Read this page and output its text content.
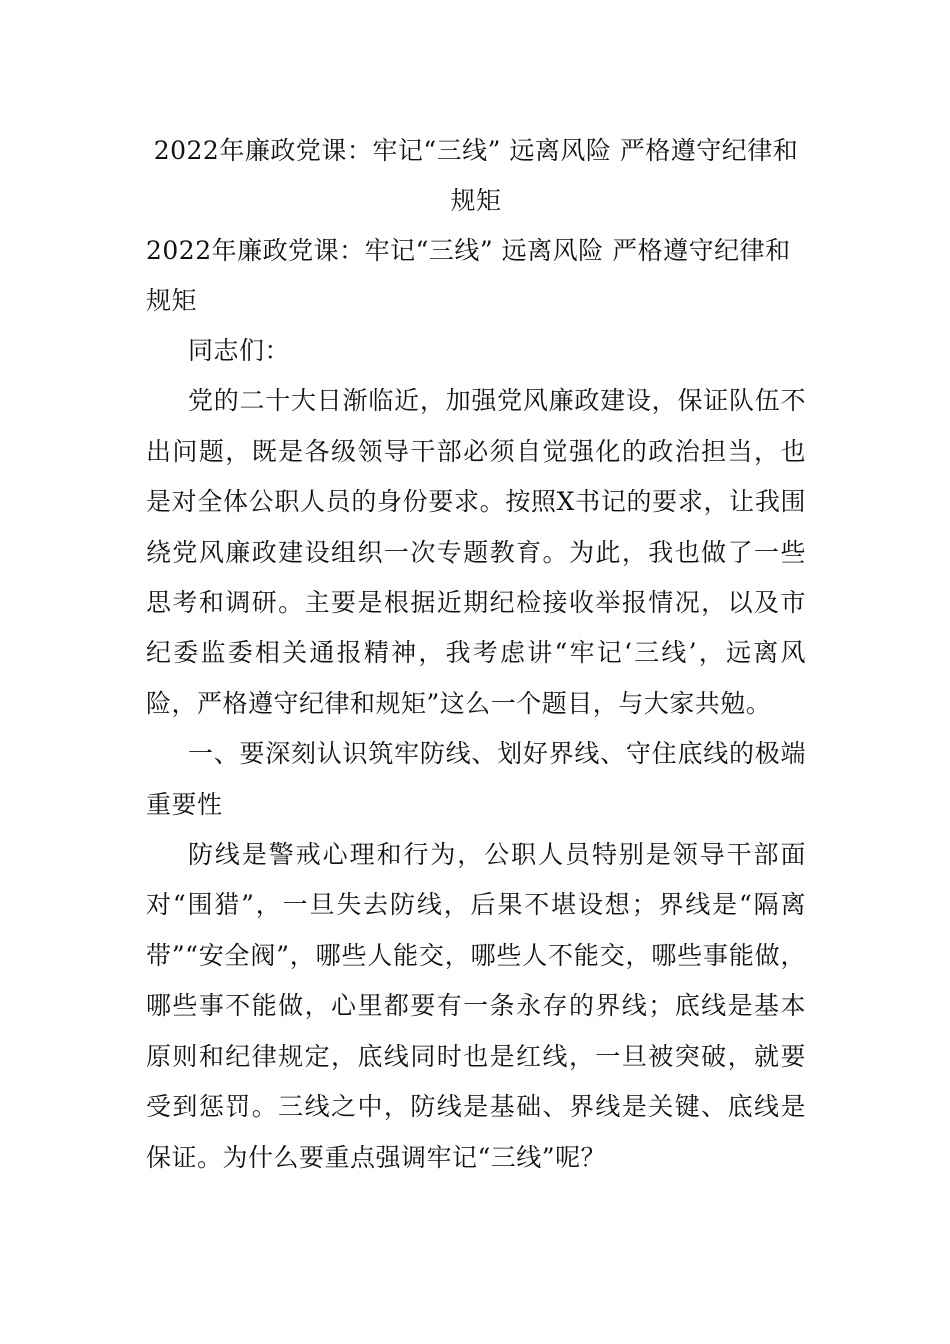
2022年廉政党课：牢记“三线” 远离风险 严格遵守纪律和规矩
2022年廉政党课：牢记“三线” 远离风险 严格遵守纪律和规矩

同志们：

党的二十大日渐临近，加强党风廉政建设，保证队伍不出问题，既是各级领导干部必须自觉强化的政治担当，也是对全体公职人员的身份要求。按照X书记的要求，让我围绕党风廉政建设组织一次专题教育。为此，我也做了一些思考和调研。主要是根据近期纪检接收举报情况，以及市纪委监委相关通报精神，我考虑讲“牢记‘三线’，远离风险，严格遵守纪律和规矩”这么一个题目，与大家共勉。

一、要深刻认识筑牢防线、划好界线、守住底线的极端重要性

防线是警戒心理和行为，公职人员特别是领导干部面对“围猎”，一旦失去防线，后果不堪设想；界线是“隔离带”“安全阀”，哪些人能交，哪些人不能交，哪些事能做，哪些事不能做，心里都要有一条永存的界线；底线是基本原则和纪律规定，底线同时也是红线，一旦被突破，就要受到惩罚。三线之中，防线是基础、界线是关键、底线是保证。为什么要重点强调牢记“三线”呢？
